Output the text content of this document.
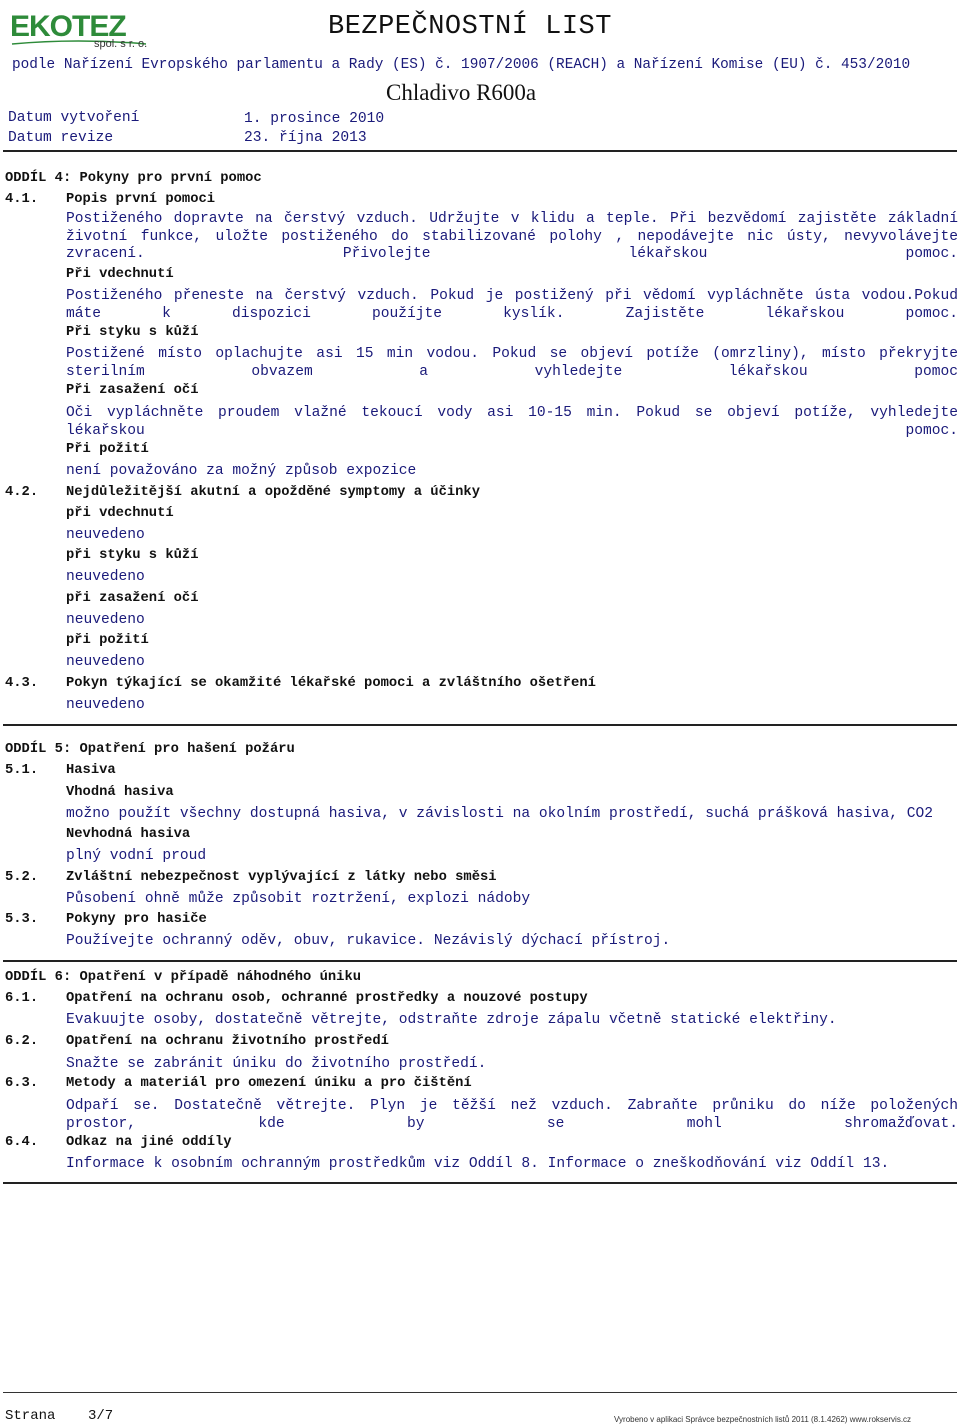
EKOTEZ
spol. s r. o.
BEZPEČNOSTNÍ LIST
podle Nařízení Evropského parlamentu a Rady (ES) č. 1907/2006 (REACH) a Nařízení Komise (EU) č. 453/2010
Chladivo R600a
Datum vytvoření	1. prosince 2010
Datum revize	23. října 2013
ODDÍL 4: Pokyny pro první pomoc
4.1. Popis první pomoci
Postiženého dopravte na čerstvý vzduch. Udržujte v klidu a teple. Při bezvědomí zajistěte základní životní funkce, uložte postiženého do stabilizované polohy , nepodávejte nic ústy, nevyvolávejte zvracení. Přivolejte lékařskou pomoc.
Při vdechnutí
Postiženého přeneste na čerstvý vzduch. Pokud je postižený při vědomí vypláchněte ústa vodou.Pokud máte k dispozici použíjte kyslík. Zajistěte lékařskou pomoc.
Při styku s kůží
Postižené místo oplachujte asi 15 min vodou. Pokud se objeví potíže (omrzliny), místo překryjte sterilním obvazem a vyhledejte lékařskou pomoc
Při zasažení očí
Oči vypláchněte proudem vlažné tekoucí vody asi 10-15 min. Pokud se objeví potíže, vyhledejte lékařskou pomoc.
Při požití
není považováno za možný způsob expozice
4.2. Nejdůležitější akutní a opožděné symptomy a účinky
při vdechnutí
neuvedeno
při styku s kůží
neuvedeno
při zasažení očí
neuvedeno
při požití
neuvedeno
4.3. Pokyn týkající se okamžité lékařské pomoci a zvláštního ošetření
neuvedeno
ODDÍL 5: Opatření pro hašení požáru
5.1. Hasiva
Vhodná hasiva
možno použít všechny dostupná hasiva, v závislosti na okolním prostředí, suchá prášková hasiva, CO2
Nevhodná hasiva
plný vodní proud
5.2. Zvláštní nebezpečnost vyplývající z látky nebo směsi
Působení ohně může způsobit roztržení, explozi nádoby
5.3. Pokyny pro hasiče
Používejte ochranný oděv, obuv, rukavice. Nezávislý dýchací přístroj.
ODDÍL 6: Opatření v případě náhodného úniku
6.1. Opatření na ochranu osob, ochranné prostředky a nouzové postupy
Evakuujte osoby, dostatečně větrejte, odstraňte zdroje zápalu včetně statické elektřiny.
6.2. Opatření na ochranu životního prostředí
Snažte se zabránit úniku do životního prostředí.
6.3. Metody a materiál pro omezení úniku a pro čištění
Odpaří se. Dostatečně větrejte. Plyn je těžší než vzduch. Zabraňte průniku do níže položených prostor, kde by se mohl shromažďovat.
6.4. Odkaz na jiné oddíly
Informace k osobním ochranným prostředkům viz Oddíl 8. Informace o zneškodňování viz Oddíl 13.
Strana 3/7	Vyrobeno v aplikaci Správce bezpečnostních listů 2011 (8.1.4262) www.rokservis.cz
